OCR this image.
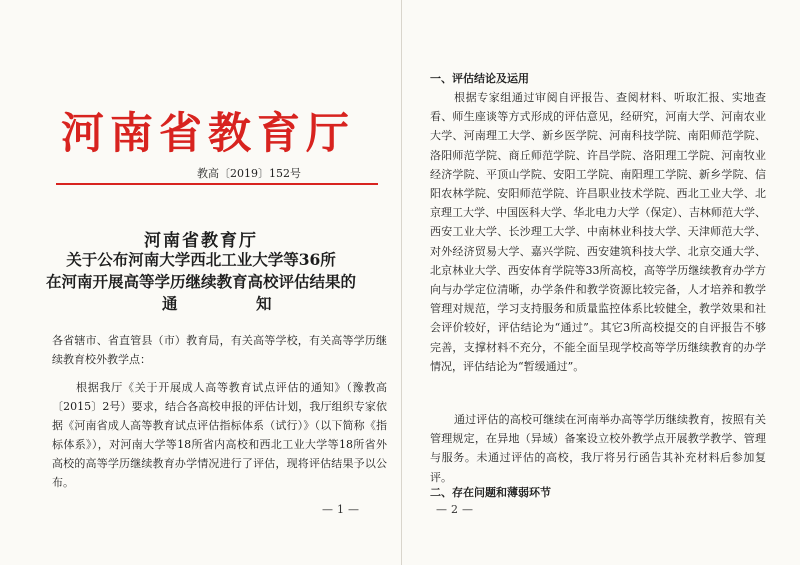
河南省教育厅
教高〔2019〕152号
河南省教育厅
关于公布河南大学西北工业大学等36所
在河南开展高等学历继续教育高校评估结果的
通	知
各省辖市、省直管县（市）教育局，有关高等学校，有关高等学历继续教育校外教学点：
根据我厅《关于开展成人高等教育试点评估的通知》（豫教高〔2015〕2号）要求，结合各高校申报的评估计划，我厅组织专家依据《河南省成人高等教育试点评估指标体系（试行）》（以下简称《指标体系》），对河南大学等18所省内高校和西北工业大学等18所省外高校的高等学历继续教育办学情况进行了评估，现将评估结果予以公布。
—1—
一、评估结论及运用
根据专家组通过审阅自评报告、查阅材料、听取汇报、实地查看、师生座谈等方式形成的评估意见，经研究，河南大学、河南农业大学、河南理工大学、新乡医学院、河南科技学院、南阳师范学院、洛阳师范学院、商丘师范学院、许昌学院、洛阳理工学院、河南牧业经济学院、平顶山学院、安阳工学院、南阳理工学院、新乡学院、信阳农林学院、安阳师范学院、许昌职业技术学院、西北工业大学、北京理工大学、中国医科大学、华北电力大学（保定）、吉林师范大学、西安工业大学、长沙理工大学、中南林业科技大学、天津师范大学、对外经济贸易大学、嘉兴学院、西安建筑科技大学、北京交通大学、北京林业大学、西安体育学院等33所高校，高等学历继续教育办学方向与办学定位清晰，办学条件和教学资源比较完备，人才培养和教学管理对规范，学习支持服务和质量监控体系比较健全，教学效果和社会评价较好，评估结论为“通过”。其它3所高校提交的自评报告不够完善，支撑材料不充分，不能全面呈现学校高等学历继续教育的办学情况，评估结论为“暂缓通过”。
通过评估的高校可继续在河南举办高等学历继续教育，按照有关管理规定，在异地（异域）备案设立校外教学点开展教学教学、管理与服务。未通过评估的高校，我厅将另行函告其补充材料后参加复评。
二、存在问题和薄弱环节
—2—
